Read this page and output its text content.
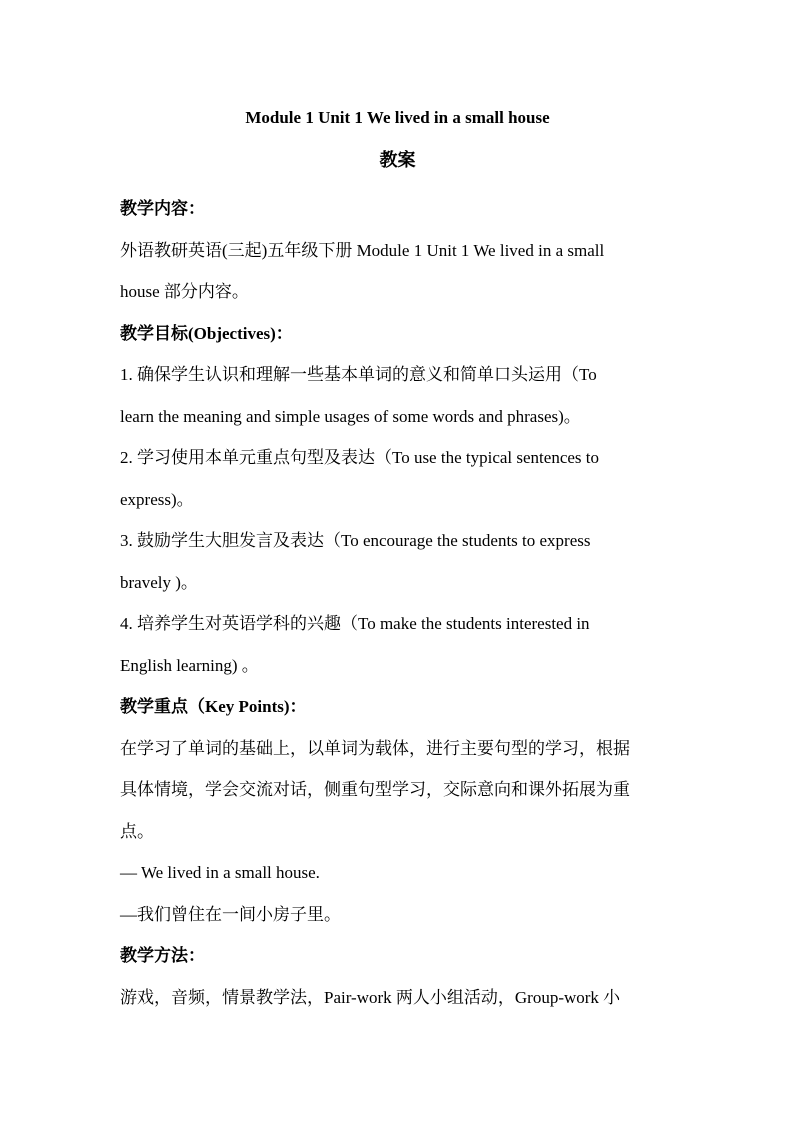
Module 1 Unit 1 We lived in a small house

教案

教学内容：

外语教研英语(三起)五年级下册 Module 1 Unit 1 We lived in a small

house 部分内容。

教学目标(Objectives)：

1. 确保学生认识和理解一些基本单词的意义和简单口头运用（To

learn the meaning and simple usages of some words and phrases)。

2. 学习使用本单元重点句型及表达（To use the typical sentences to

express)。

3. 鼓励学生大胆发言及表达（To encourage the students to express

bravely )。

4. 培养学生对英语学科的兴趣（To make the students interested in

English learning) 。

教学重点（Key Points)：

在学习了单词的基础上，以单词为载体，进行主要句型的学习，根据

具体情境，学会交流对话，侧重句型学习，交际意向和课外拓展为重

点。

— We lived in a small house.

—我们曾住在一间小房子里。

教学方法：

游戏，音频，情景教学法，Pair-work 两人小组活动，Group-work 小
